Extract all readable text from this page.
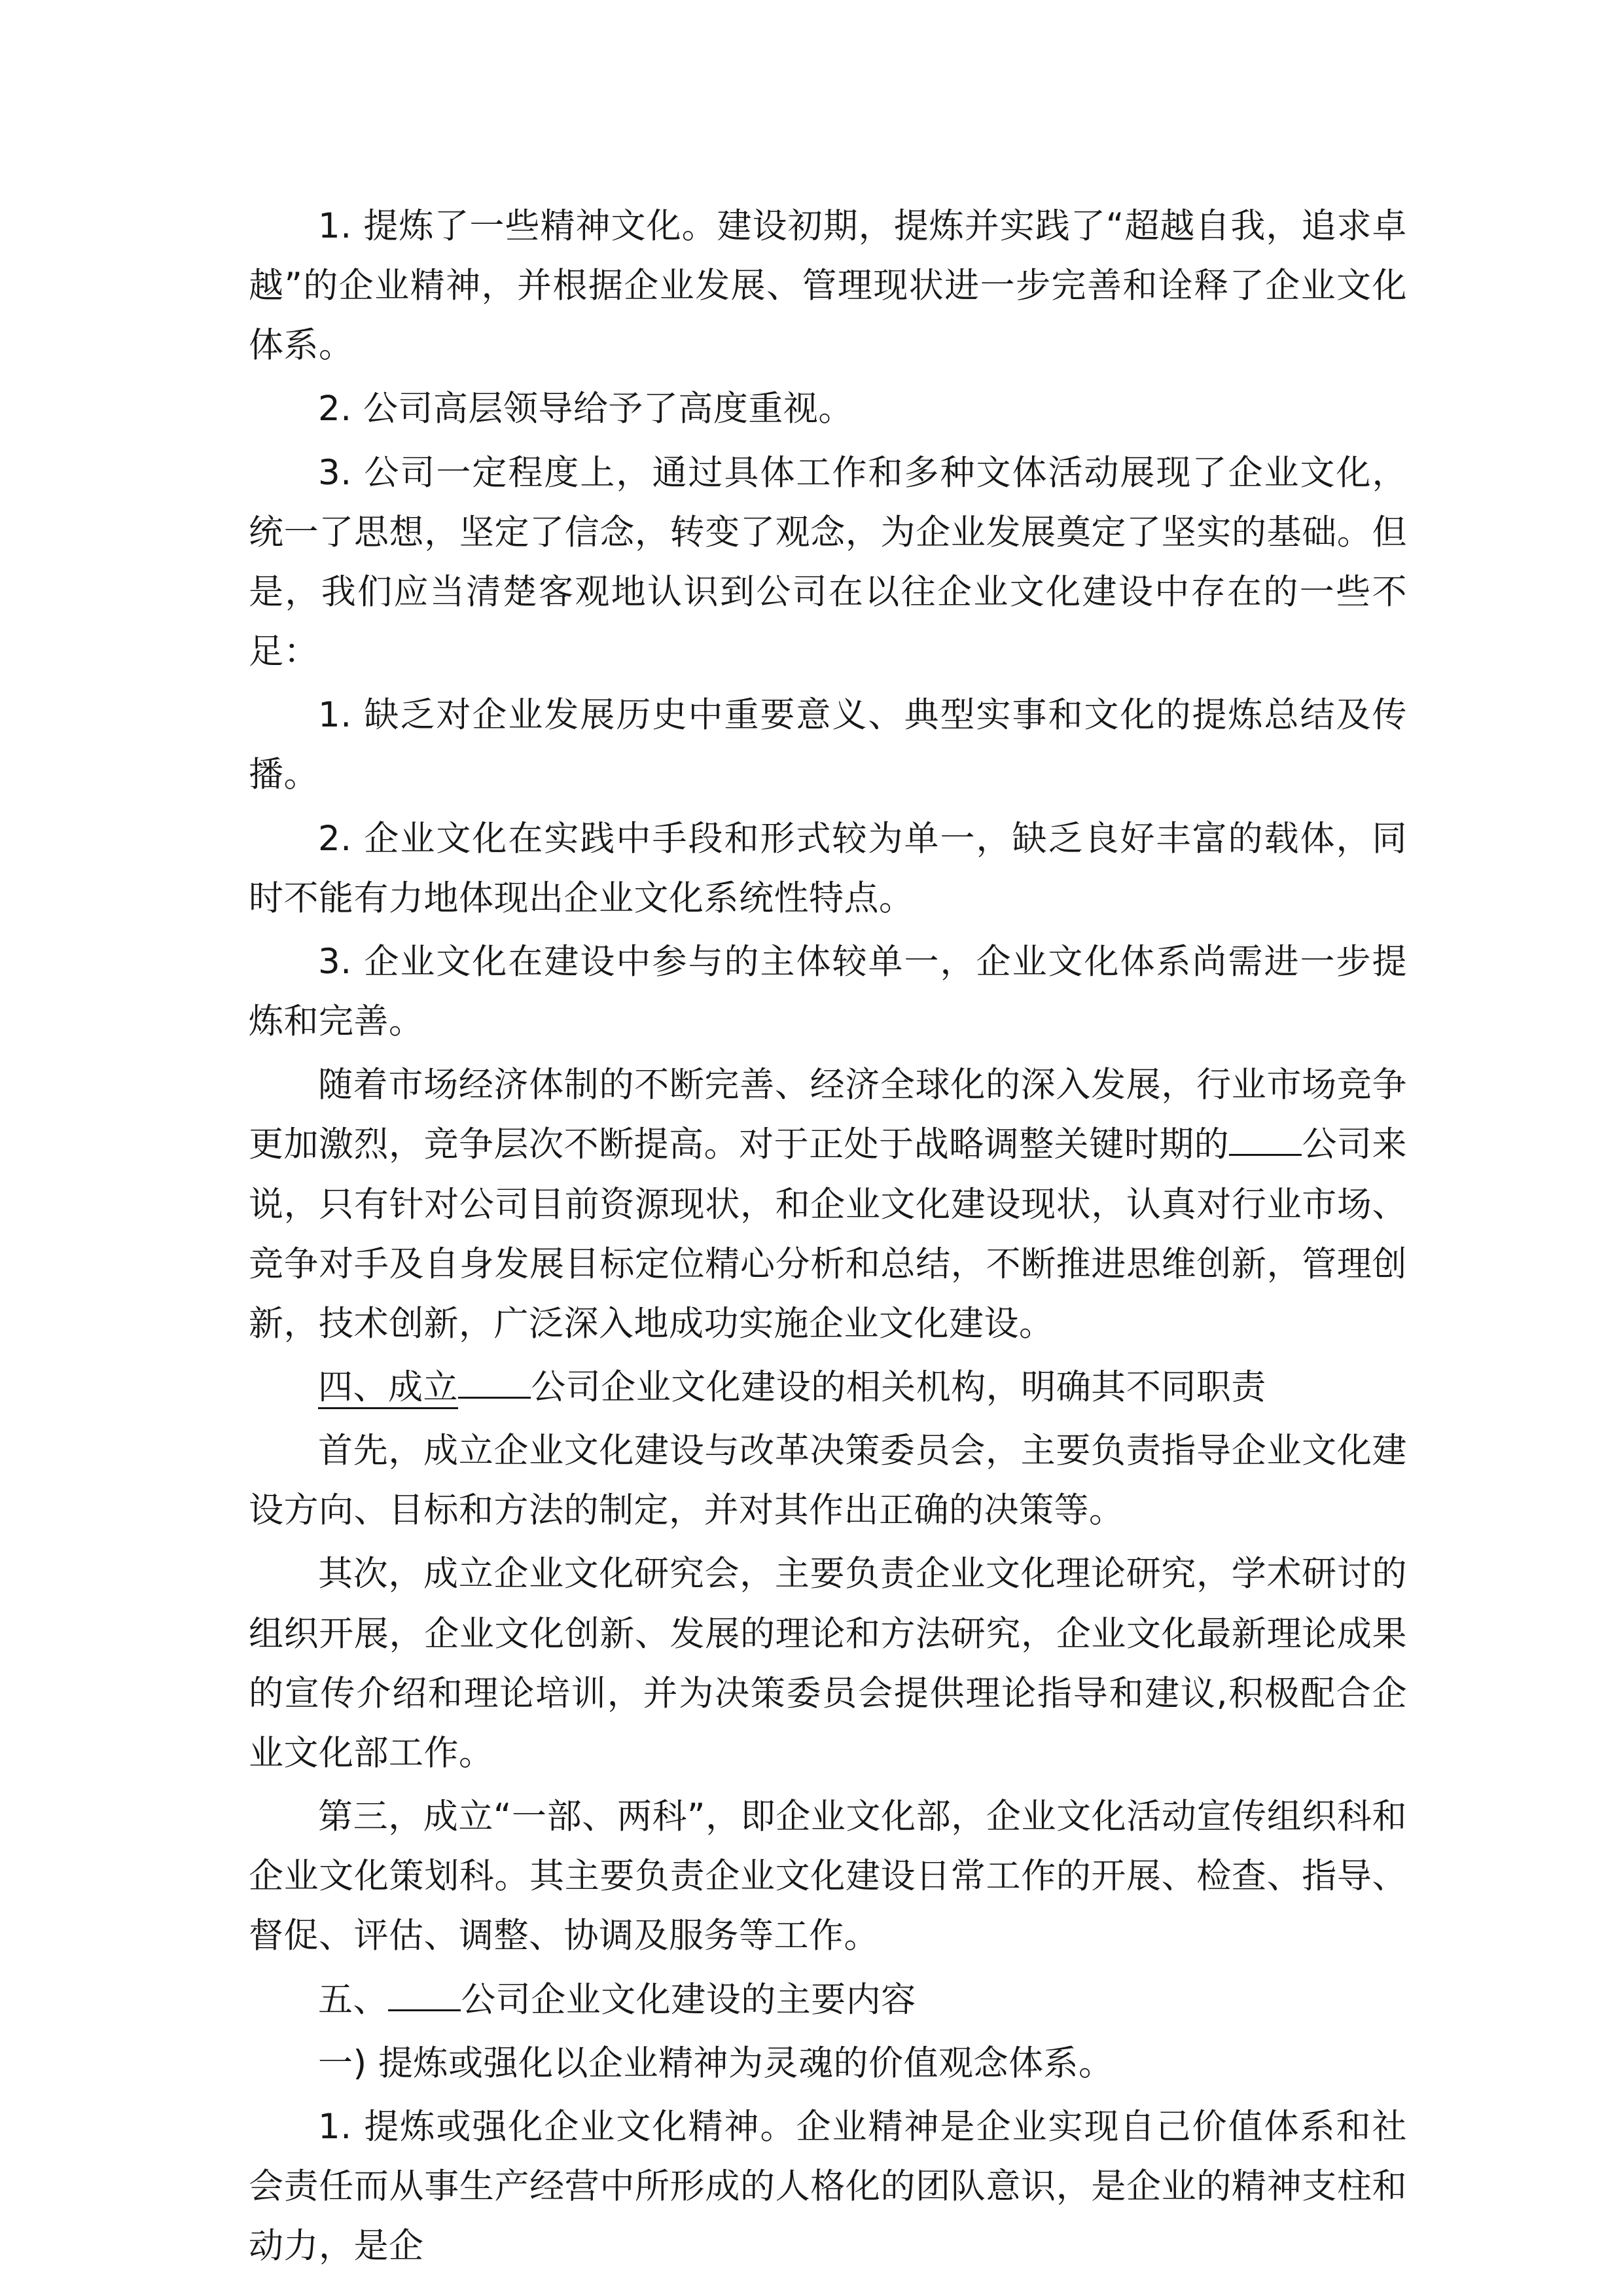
1. 提炼了一些精神文化。建设初期，提炼并实践了“超越自我，追求卓越”的企业精神，并根据企业发展、管理现状进一步完善和诠释了企业文化体系。

2. 公司高层领导给予了高度重视。

3. 公司一定程度上，通过具体工作和多种文体活动展现了企业文化，统一了思想，坚定了信念，转变了观念，为企业发展奠定了坚实的基础。但是，我们应当清楚客观地认识到公司在以往企业文化建设中存在的一些不足：

1. 缺乏对企业发展历史中重要意义、典型实事和文化的提炼总结及传播。

2. 企业文化在实践中手段和形式较为单一，缺乏良好丰富的载体，同时不能有力地体现出企业文化系统性特点。

3. 企业文化在建设中参与的主体较单一，企业文化体系尚需进一步提炼和完善。

随着市场经济体制的不断完善、经济全球化的深入发展，行业市场竞争更加激烈，竞争层次不断提高。对于正处于战略调整关键时期的 公司来说，只有针对公司目前资源现状，和企业文化建设现状，认真对行业市场、竞争对手及自身发展目标定位精心分析和总结，不断推进思维创新，管理创新，技术创新，广泛深入地成功实施企业文化建设。

四、成立 公司企业文化建设的相关机构，明确其不同职责

首先，成立企业文化建设与改革决策委员会，主要负责指导企业文化建设方向、目标和方法的制定，并对其作出正确的决策等。

其次，成立企业文化研究会，主要负责企业文化理论研究，学术研讨的组织开展，企业文化创新、发展的理论和方法研究，企业文化最新理论成果的宣传介绍和理论培训，并为决策委员会提供理论指导和建议,积极配合企业文化部工作。

第三，成立“一部、两科”，即企业文化部，企业文化活动宣传组织科和企业文化策划科。其主要负责企业文化建设日常工作的开展、检查、指导、督促、评估、调整、协调及服务等工作。

五、 公司企业文化建设的主要内容

一) 提炼或强化以企业精神为灵魂的价值观念体系。

1. 提炼或强化企业文化精神。企业精神是企业实现自己价值体系和社会责任而从事生产经营中所形成的人格化的团队意识，是企业的精神支柱和动力，是企
